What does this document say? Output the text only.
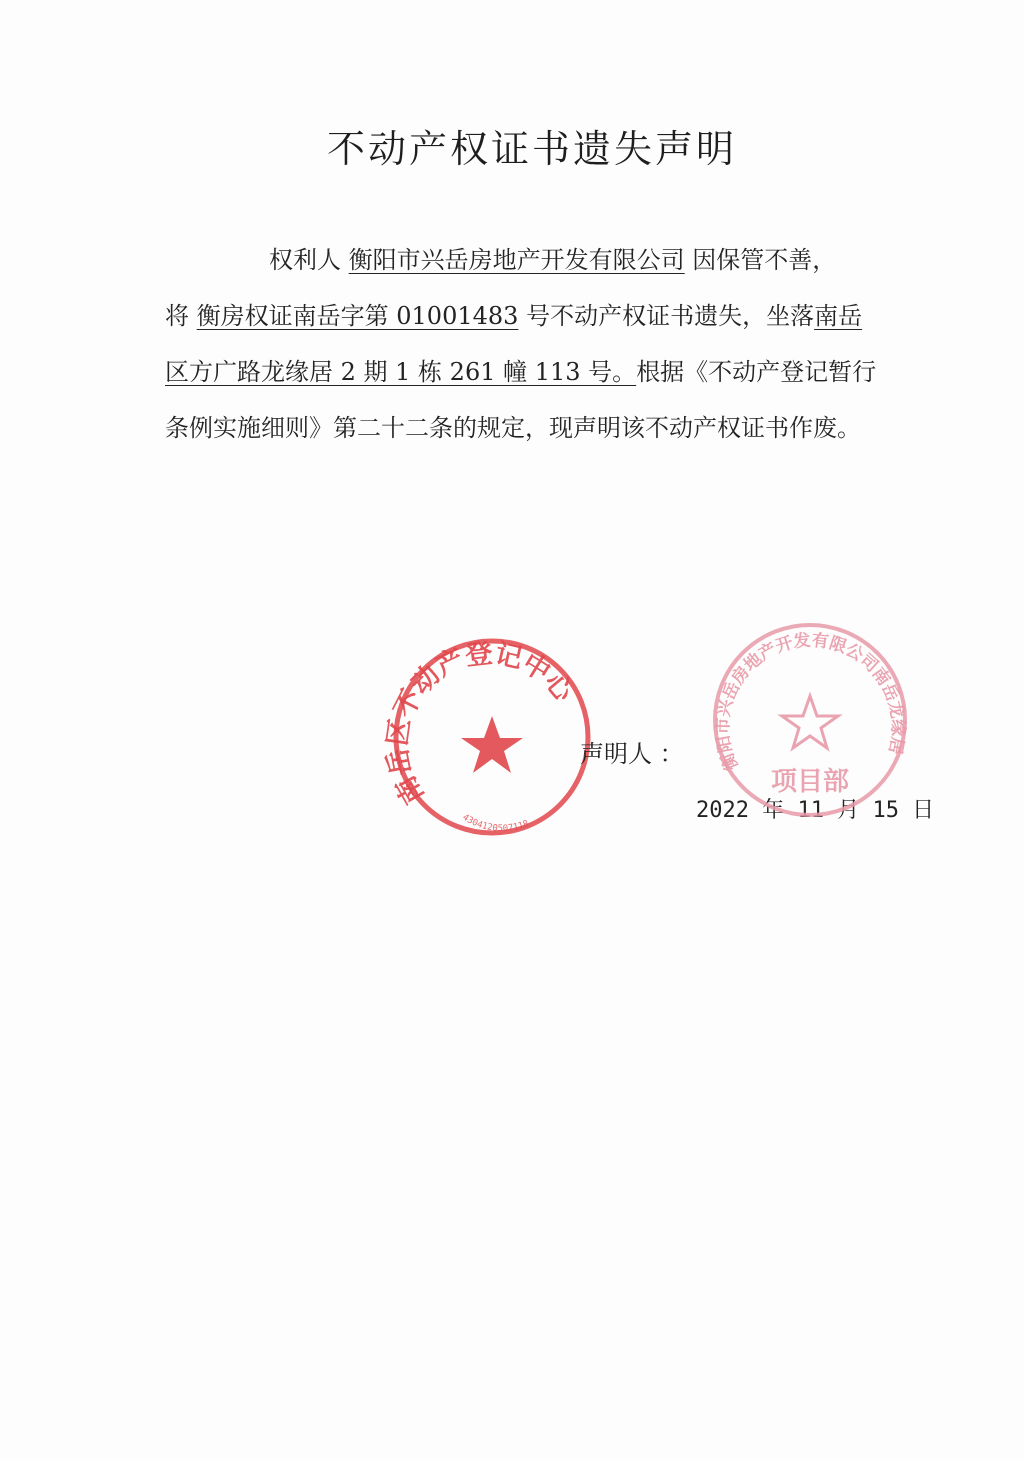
不动产权证书遗失声明

权利人 衡阳市兴岳房地产开发有限公司 因保管不善，

将 衡房权证南岳字第 01001483 号不动产权证书遗失，坐落南岳

区方广路龙缘居 2 期 1 栋 261 幢 113 号。根据《不动产登记暂行

条例实施细则》第二十二条的规定，现声明该不动产权证书作废。

南岳区不动产登记中心
4304120507118
声明人 ：
2022 年 11 月 15 日
衡阳市兴岳房地产开发有限公司南岳龙缘居
项目部
